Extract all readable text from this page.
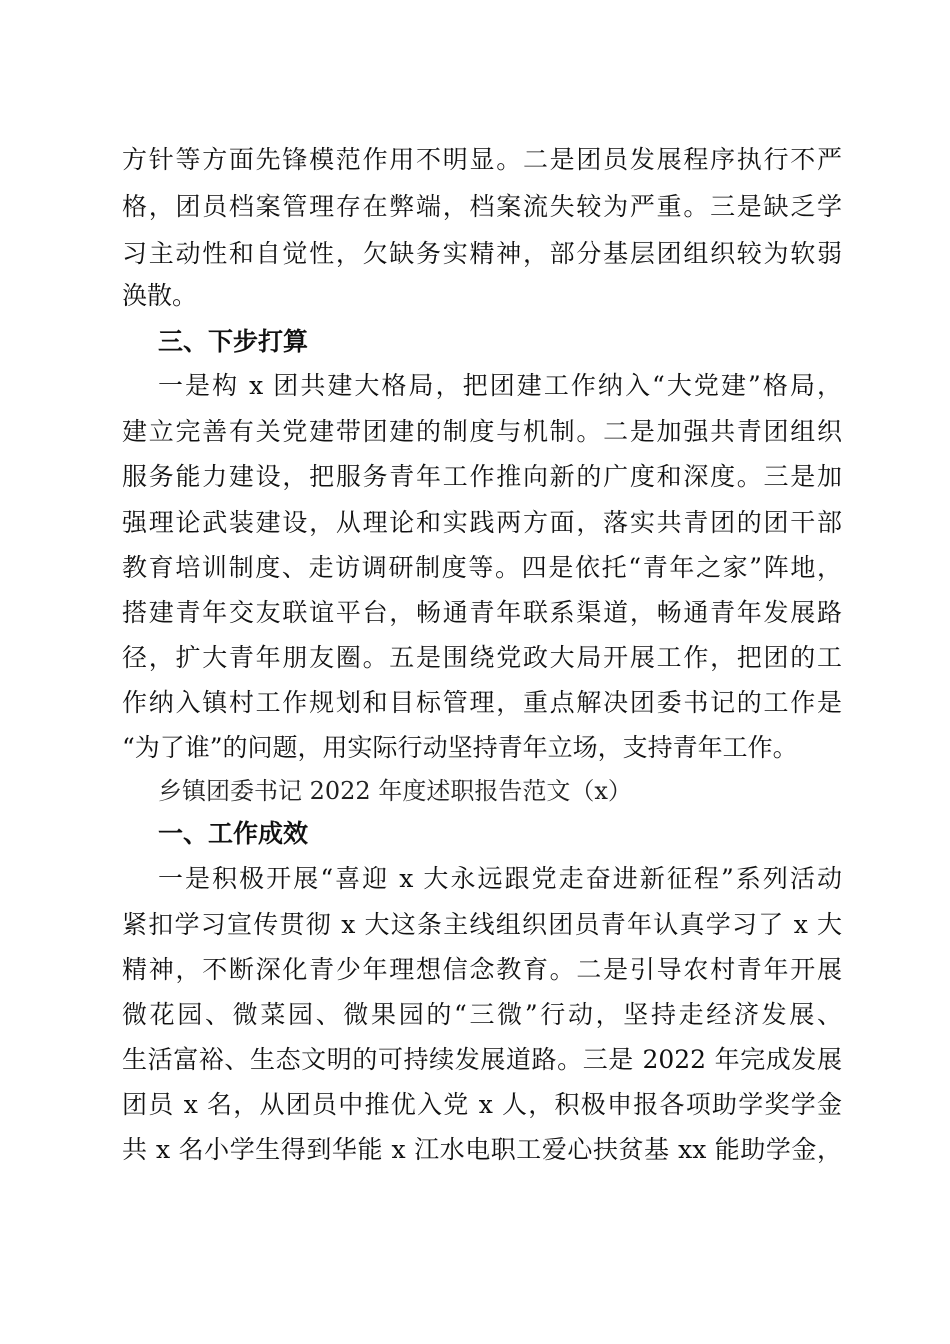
方针等方面先锋模范作用不明显。二是团员发展程序执行不严
格，团员档案管理存在弊端，档案流失较为严重。三是缺乏学
习主动性和自觉性，欠缺务实精神，部分基层团组织较为软弱
涣散。
三、下步打算
一是构 x 团共建大格局，把团建工作纳入“大党建”格局，
建立完善有关党建带团建的制度与机制。二是加强共青团组织
服务能力建设，把服务青年工作推向新的广度和深度。三是加
强理论武装建设，从理论和实践两方面，落实共青团的团干部
教育培训制度、走访调研制度等。四是依托“青年之家”阵地，
搭建青年交友联谊平台，畅通青年联系渠道，畅通青年发展路
径，扩大青年朋友圈。五是围绕党政大局开展工作，把团的工
作纳入镇村工作规划和目标管理，重点解决团委书记的工作是
“为了谁”的问题，用实际行动坚持青年立场，支持青年工作。
乡镇团委书记 2022 年度述职报告范文（x）
一、工作成效
一是积极开展“喜迎 x 大永远跟党走奋进新征程”系列活动
紧扣学习宣传贯彻 x 大这条主线组织团员青年认真学习了 x 大
精神，不断深化青少年理想信念教育。二是引导农村青年开展
微花园、微菜园、微果园的“三微”行动，坚持走经济发展、
生活富裕、生态文明的可持续发展道路。三是 2022 年完成发展
团员 x 名，从团员中推优入党 x 人，积极申报各项助学奖学金
共 x 名小学生得到华能 x 江水电职工爱心扶贫基 xx 能助学金，
